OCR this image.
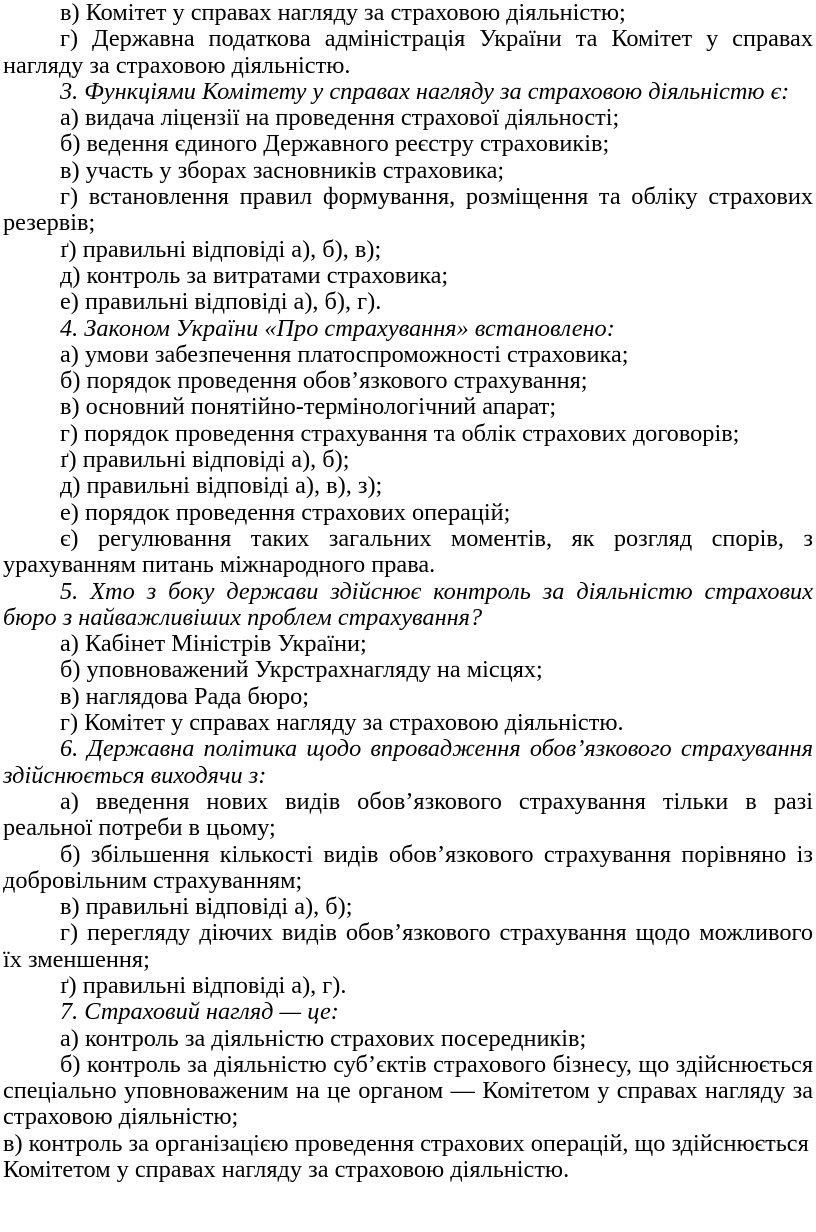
в) Комітет у справах нагляду за страховою діяльністю;

г) Державна податкова адміністрація України та Комітет у справах нагляду за страховою діяльністю.

3. Функціями Комітету у справах нагляду за страховою діяльністю є:

а) видача ліцензії на проведення страхової діяльності;

б) ведення єдиного Державного реєстру страховиків;

в) участь у зборах засновників страховика;

г) встановлення правил формування, розміщення та обліку страхових резервів;

ґ) правильні відповіді а), б), в);

д) контроль за витратами страховика;

е) правильні відповіді а), б), г).

4. Законом України «Про страхування» встановлено:

а) умови забезпечення платоспроможності страховика;

б) порядок проведення обов’язкового страхування;

в) основний понятійно-термінологічний апарат;

г) порядок проведення страхування та облік страхових договорів;

ґ) правильні відповіді а), б);

д) правильні відповіді а), в), з);

е) порядок проведення страхових операцій;

є) регулювання таких загальних моментів, як розгляд спорів, з урахуванням питань міжнародного права.

5. Хто з боку держави здійснює контроль за діяльністю страхових бюро з найважливіших проблем страхування?

а) Кабінет Міністрів України;

б) уповноважений Укрстрахнагляду на місцях;

в) наглядова Рада бюро;

г) Комітет у справах нагляду за страховою діяльністю.

6. Державна політика щодо впровадження обов’язкового страхування здійснюється виходячи з:

а) введення нових видів обов’язкового страхування тільки в разі реальної потреби в цьому;

б) збільшення кількості видів обов’язкового страхування порівняно із добровільним страхуванням;

в) правильні відповіді а), б);

г) перегляду діючих видів обов’язкового страхування щодо можливого їх зменшення;

ґ) правильні відповіді а), г).

7. Страховий нагляд — це:

а) контроль за діяльністю страхових посередників;

б) контроль за діяльністю суб’єктів страхового бізнесу, що здійснюється спеціально уповноваженим на це органом — Комітетом у справах нагляду за страховою діяльністю;

в) контроль за організацією проведення страхових операцій, що здійснюється Комітетом у справах нагляду за страховою діяльністю.
